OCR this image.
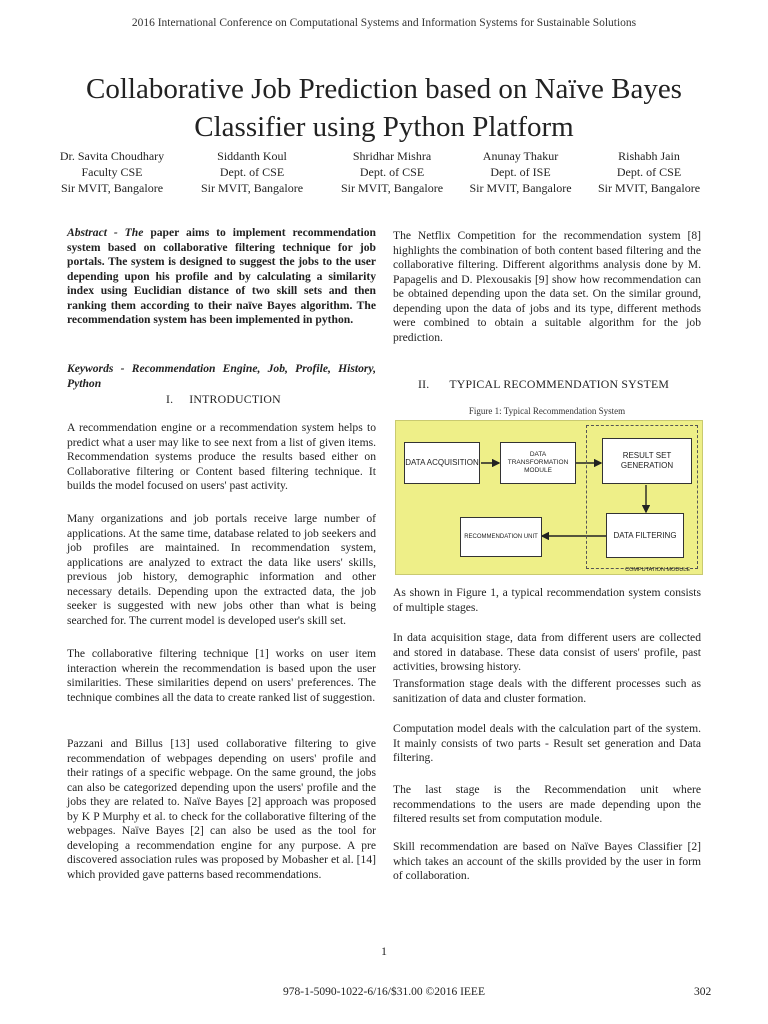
2016 International Conference on Computational Systems and Information Systems for Sustainable Solutions
Collaborative Job Prediction based on Naïve Bayes
Classifier using Python Platform
Dr. Savita Choudhary
Faculty CSE
Sir MVIT, Bangalore
Siddanth Koul
Dept. of CSE
Sir MVIT, Bangalore
Shridhar Mishra
Dept. of CSE
Sir MVIT, Bangalore
Anunay Thakur
Dept. of ISE
Sir MVIT, Bangalore
Rishabh Jain
Dept. of CSE
Sir MVIT, Bangalore

Abstract - The paper aims to implement recommendation system based on collaborative filtering technique for job portals. The system is designed to suggest the jobs to the user depending upon his profile and by calculating a similarity index using Euclidian distance of two skill sets and then ranking them according to their naïve Bayes algorithm. The recommendation system has been implemented in python.

Keywords - Recommendation Engine, Job, Profile, History, Python
I. INTRODUCTION
A recommendation engine or a recommendation system helps to predict what a user may like to see next from a list of given items. Recommendation systems produce the results based either on Collaborative filtering or Content based filtering technique. It builds the model focused on users' past activity.
Many organizations and job portals receive large number of applications. At the same time, database related to job seekers and job profiles are maintained. In recommendation system, applications are analyzed to extract the data like users' skills, previous job history, demographic information and other necessary details. Depending upon the extracted data, the job seeker is suggested with new jobs other than what is being searched for. The current model is developed user's skill set.
The collaborative filtering technique [1] works on user item interaction wherein the recommendation is based upon the user similarities. These similarities depend on users' preferences. The technique combines all the data to create ranked list of suggestion.
Pazzani and Billus [13] used collaborative filtering to give recommendation of webpages depending on users' profile and their ratings of a specific webpage. On the same ground, the jobs can also be categorized depending upon the users' profile and the jobs they are related to. Naïve Bayes [2] approach was proposed by K P Murphy et al. to check for the collaborative filtering of the webpages. Naïve Bayes [2] can also be used as the tool for developing a recommendation engine for any purpose. A pre discovered association rules was proposed by Mobasher et al. [14] which provided gave patterns based recommendations.
The Netflix Competition for the recommendation system [8] highlights the combination of both content based filtering and the collaborative filtering. Different algorithms analysis done by M. Papagelis and D. Plexousakis [9] show how recommendation can be obtained depending upon the data set. On the similar ground, depending upon the data of jobs and its type, different methods were combined to obtain a suitable algorithm for the job prediction.
II. TYPICAL RECOMMENDATION SYSTEM
Figure 1: Typical Recommendation System
DATA ACQUISITION
DATA
TRANSFORMATION MODULE
RESULT SET GENERATION
DATA FILTERING
RECOMMENDATION UNIT
COMPUTATION MODULE
As shown in Figure 1, a typical recommendation system consists of multiple stages.
In data acquisition stage, data from different users are collected and stored in database. These data consist of users' profile, past activities, browsing history.
Transformation stage deals with the different processes such as sanitization of data and cluster formation.
Computation model deals with the calculation part of the system. It mainly consists of two parts - Result set generation and Data filtering.
The last stage is the Recommendation unit where recommendations to the users are made depending upon the filtered results set from computation module.
Skill recommendation are based on Naïve Bayes Classifier [2] which takes an account of the skills provided by the user in form of collaboration.
1
978-1-5090-1022-6/16/$31.00 ©2016 IEEE	302
